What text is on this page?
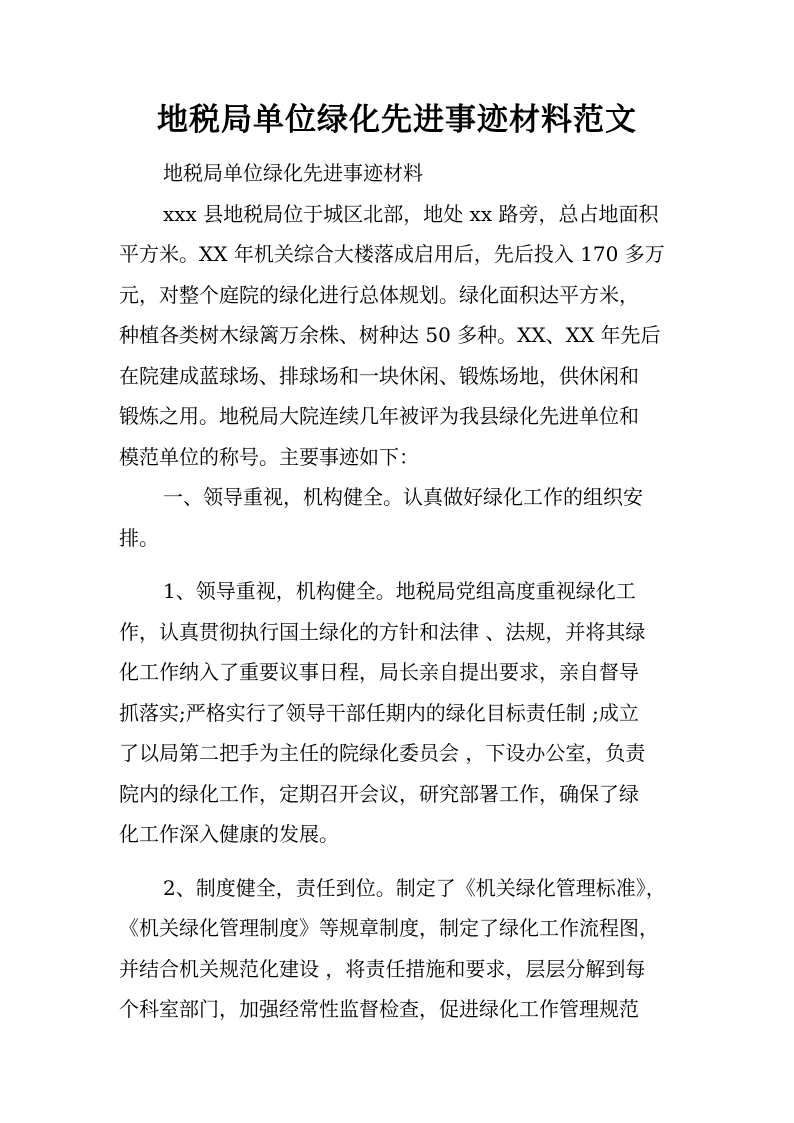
地税局单位绿化先进事迹材料范文
地税局单位绿化先进事迹材料
xxx 县地税局位于城区北部，地处 xx 路旁，总占地面积
平方米。XX 年机关综合大楼落成启用后，先后投入 170 多万
元，对整个庭院的绿化进行总体规划。绿化面积达平方米，
种植各类树木绿篱万余株、树种达 50 多种。XX、XX 年先后
在院建成蓝球场、排球场和一块休闲、锻炼场地，供休闲和
锻炼之用。地税局大院连续几年被评为我县绿化先进单位和
模范单位的称号。主要事迹如下：
一、领导重视，机构健全。认真做好绿化工作的组织安
排。
1、领导重视，机构健全。地税局党组高度重视绿化工
作，认真贯彻执行国土绿化的方针和法律 、法规，并将其绿
化工作纳入了重要议事日程，局长亲自提出要求，亲自督导
抓落实;严格实行了领导干部任期内的绿化目标责任制 ;成立
了以局第二把手为主任的院绿化委员会 ，下设办公室，负责
院内的绿化工作，定期召开会议，研究部署工作，确保了绿
化工作深入健康的发展。
2、制度健全，责任到位。制定了《机关绿化管理标准》，
《机关绿化管理制度》等规章制度，制定了绿化工作流程图，
并结合机关规范化建设 ，将责任措施和要求，层层分解到每
个科室部门，加强经常性监督检查，促进绿化工作管理规范
